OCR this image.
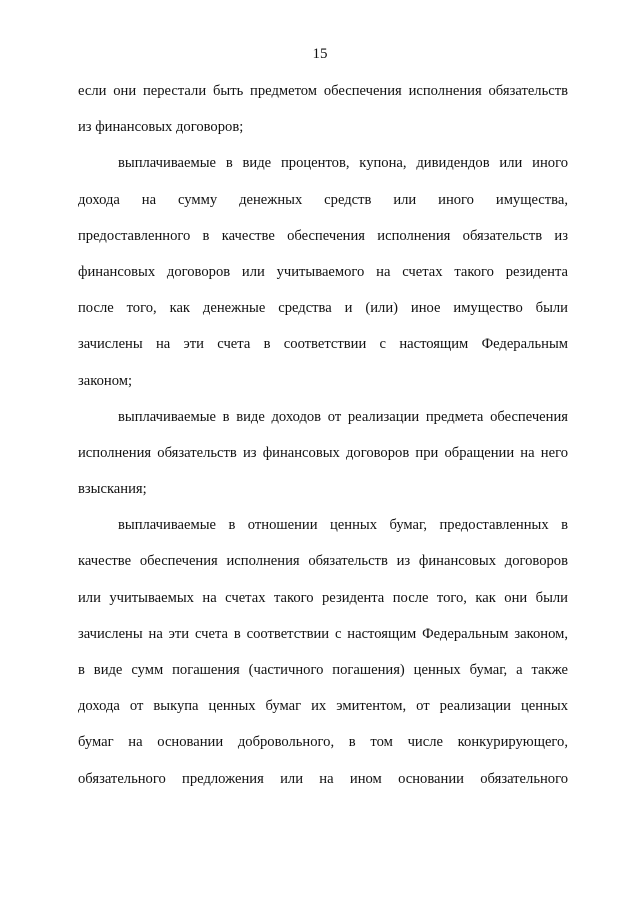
15
если они перестали быть предметом обеспечения исполнения обязательств
из финансовых договоров;
выплачиваемые в виде процентов, купона, дивидендов или иного
дохода на сумму денежных средств или иного имущества,
предоставленного в качестве обеспечения исполнения обязательств из
финансовых договоров или учитываемого на счетах такого резидента
после того, как денежные средства и (или) иное имущество были
зачислены на эти счета в соответствии с настоящим Федеральным
законом;
выплачиваемые в виде доходов от реализации предмета обеспечения
исполнения обязательств из финансовых договоров при обращении на него
взыскания;
выплачиваемые в отношении ценных бумаг, предоставленных в
качестве обеспечения исполнения обязательств из финансовых договоров
или учитываемых на счетах такого резидента после того, как они были
зачислены на эти счета в соответствии с настоящим Федеральным законом,
в виде сумм погашения (частичного погашения) ценных бумаг, а также
дохода от выкупа ценных бумаг их эмитентом, от реализации ценных
бумаг на основании добровольного, в том числе конкурирующего,
обязательного предложения или на ином основании обязательного
